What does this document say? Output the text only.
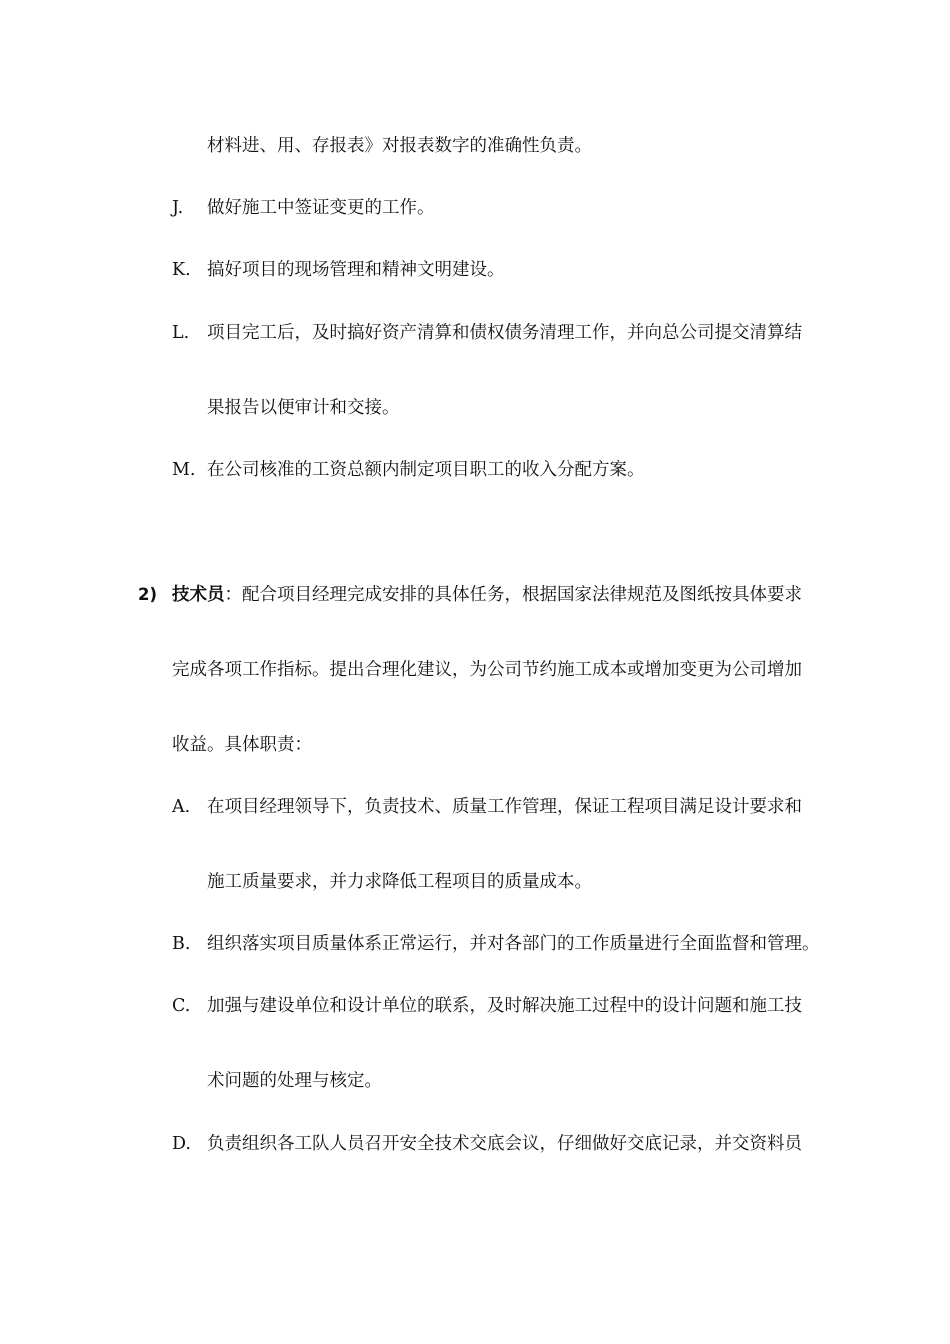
材料进、用、存报表》对报表数字的准确性负责。
J. 做好施工中签证变更的工作。
K. 搞好项目的现场管理和精神文明建设。
L. 项目完工后，及时搞好资产清算和债权债务清理工作，并向总公司提交清算结
果报告以便审计和交接。
M. 在公司核准的工资总额内制定项目职工的收入分配方案。
2) 技术员：配合项目经理完成安排的具体任务，根据国家法律规范及图纸按具体要求
完成各项工作指标。提出合理化建议，为公司节约施工成本或增加变更为公司增加
收益。具体职责：
A. 在项目经理领导下，负责技术、质量工作管理，保证工程项目满足设计要求和
施工质量要求，并力求降低工程项目的质量成本。
B. 组织落实项目质量体系正常运行，并对各部门的工作质量进行全面监督和管理。
C. 加强与建设单位和设计单位的联系，及时解决施工过程中的设计问题和施工技
术问题的处理与核定。
D. 负责组织各工队人员召开安全技术交底会议，仔细做好交底记录，并交资料员
